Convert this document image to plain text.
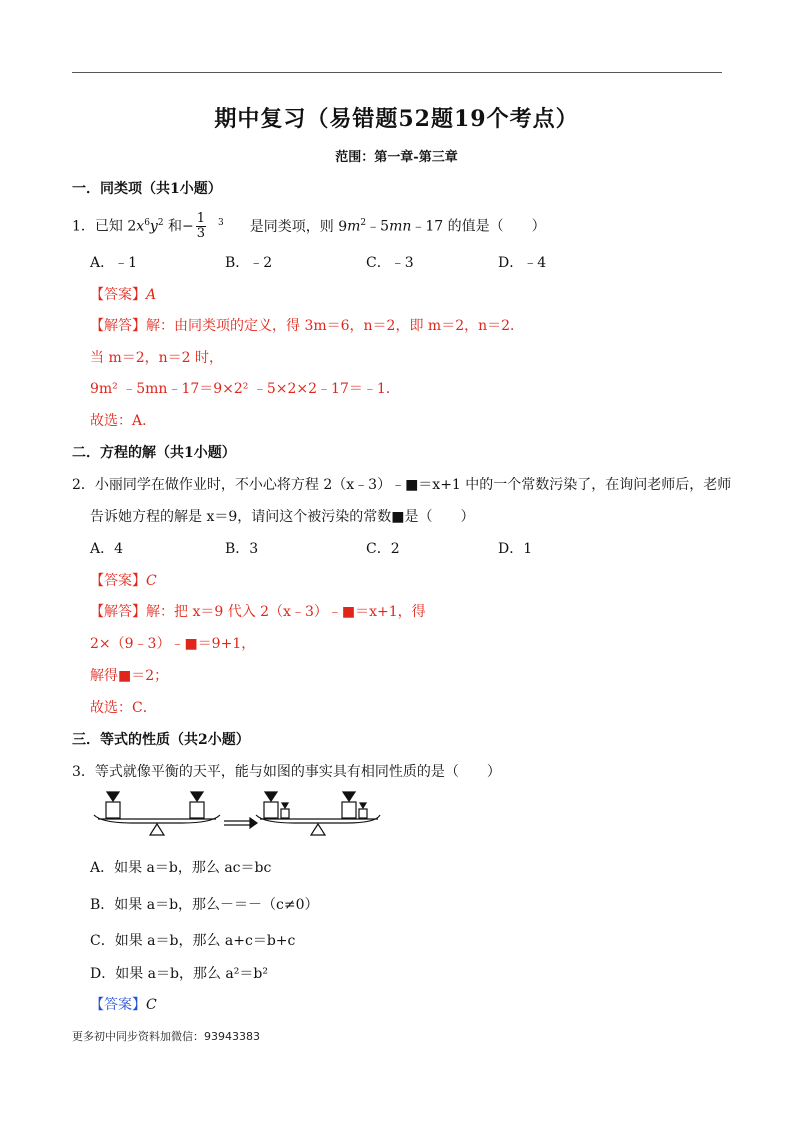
期中复习（易错题52题19个考点）
范围：第一章-第三章
一．同类项（共1小题）
1．已知 $2x^6y^2$ 和− $\frac{1}{3} ^3$ 是同类项，则 $9m^2﹣5mn﹣17$ 的值是（　　）
A．﹣1	B．﹣2	C．﹣3	D．﹣4
【答案】A
【解答】解：由同类项的定义，得 3m＝6，n＝2，即 m＝2，n＝2．
当 m＝2，n＝2 时，
9m² ﹣5mn﹣17＝9×2² ﹣5×2×2﹣17＝﹣1．
故选：A．
二．方程的解（共1小题）
2．小丽同学在做作业时，不小心将方程 2（x﹣3）﹣■＝x+1 中的一个常数污染了，在询问老师后，老师
告诉她方程的解是 x＝9，请问这个被污染的常数■是（　　）
A．4	B．3	C．2	D．1
【答案】C
【解答】解：把 x＝9 代入 2（x﹣3）﹣■＝x+1，得
2×（9﹣3）﹣■＝9+1，
解得■＝2；
故选：C．
三．等式的性质（共2小题）
3．等式就像平衡的天平，能与如图的事实具有相同性质的是（　　）
A．如果 a＝b，那么 ac＝bc
B．如果 a＝b，那么－＝－（c≠0）
C．如果 a＝b，那么 a+c＝b+c
D．如果 a＝b，那么 a²＝b²
【答案】C
更多初中同步资料加微信：93943383
